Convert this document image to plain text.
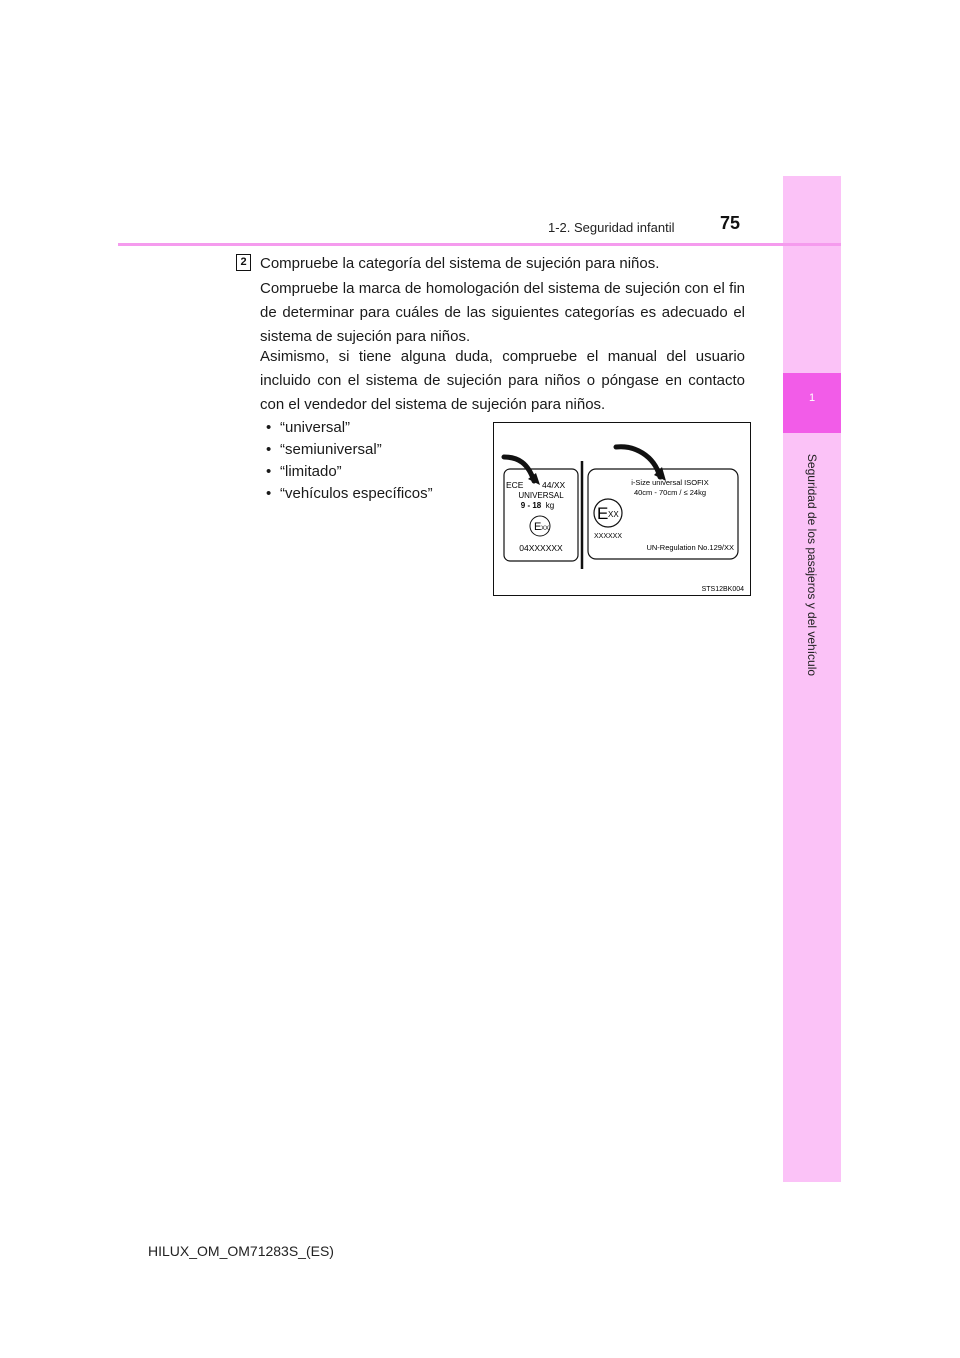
1
Seguridad de los pasajeros y del vehículo
1-2. Seguridad infantil	75
2 Compruebe la categoría del sistema de sujeción para niños.
Compruebe la marca de homologación del sistema de sujeción con el fin de determinar para cuáles de las siguientes categorías es adecuado el sistema de sujeción para niños.
Asimismo, si tiene alguna duda, compruebe el manual del usuario incluido con el sistema de sujeción para niños o póngase en contacto con el vendedor del sistema de sujeción para niños.
• “universal”
• “semiuniversal”
• “limitado”
• “vehículos específicos”	ECE 44/XX
UNIVERSAL
9 - 18 kg
E XX
04XXXXXX
i-Size universal ISOFIX
40cm - 70cm / ≤ 24kg
E XX
XXXXXX
UN-Regulation No.129/XX
STS12BK004
HILUX_OM_OM71283S_(ES)
